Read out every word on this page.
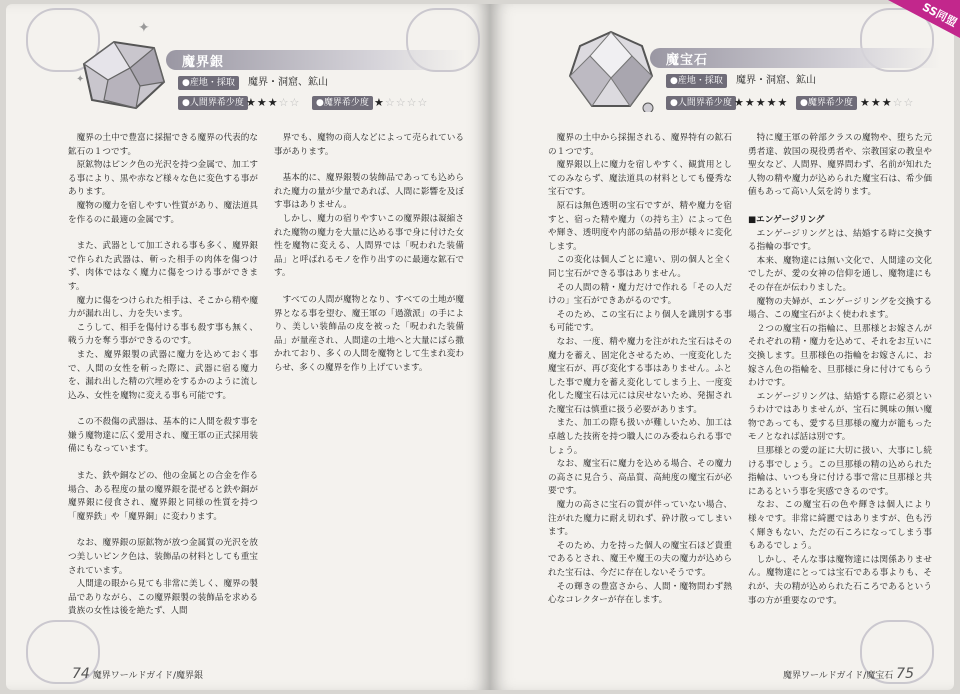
✦
✦
魔界銀
●産地・採取	魔界・洞窟、鉱山
●人間界希少度 ★★★☆☆	●魔界希少度 ★☆☆☆☆

魔界の土中で豊富に採掘できる魔界の代表的な鉱石の１つです。

原鉱物はピンク色の光沢を持つ金属で、加工する事により、黒や赤など様々な色に変色する事があります。

魔物の魔力を宿しやすい性質があり、魔法道具を作るのに最適の金属です。

また、武器として加工される事も多く、魔界銀で作られた武器は、斬った相手の肉体を傷つけず、肉体ではなく魔力に傷をつける事ができます。

魔力に傷をつけられた相手は、そこから精や魔力が漏れ出し、力を失います。

こうして、相手を傷付ける事も殺す事も無く、戦う力を奪う事ができるのです。

また、魔界銀製の武器に魔力を込めておく事で、人間の女性を斬った際に、武器に宿る魔力を、漏れ出した精の穴埋めをするかのように流し込み、女性を魔物に変える事も可能です。

この不殺傷の武器は、基本的に人間を殺す事を嫌う魔物達に広く愛用され、魔王軍の正式採用装備にもなっています。

また、鉄や銅などの、他の金属との合金を作る場合、ある程度の量の魔界銀を混ぜると鉄や銅が魔界銀に侵食され、魔界銀と同様の性質を持つ「魔界鉄」や「魔界銅」に変わります。

なお、魔界銀の原鉱物が放つ金属質の光沢を放つ美しいピンク色は、装飾品の材料としても重宝されています。

人間達の眼から見ても非常に美しく、魔界の製品でありながら、この魔界銀製の装飾品を求める貴族の女性は後を絶たず、人間

界でも、魔物の商人などによって売られている事があります。

基本的に、魔界銀製の装飾品であっても込められた魔力の量が少量であれば、人間に影響を及ぼす事はありません。

しかし、魔力の宿りやすいこの魔界銀は凝縮された魔物の魔力を大量に込める事で身に付けた女性を魔物に変える、人間界では「呪われた装備品」と呼ばれるモノを作り出すのに最適な鉱石です。

すべての人間が魔物となり、すべての土地が魔界となる事を望む、魔王軍の「過激派」の手により、美しい装飾品の皮を被った「呪われた装備品」が量産され、人間達の土地へと大量にばら撒かれており、多くの人間を魔物として生まれ変わらせ、多くの魔界を作り上げています。

74 魔界ワールドガイド/魔界銀
魔宝石
●産地・採取	魔界・洞窟、鉱山
●人間界希少度 ★★★★★	●魔界希少度 ★★★☆☆

魔界の土中から採掘される、魔界特有の鉱石の１つです。

魔界銀以上に魔力を宿しやすく、観賞用としてのみならず、魔法道具の材料としても優秀な宝石です。

原石は無色透明の宝石ですが、精や魔力を宿すと、宿った精や魔力（の持ち主）によって色や輝き、透明度や内部の結晶の形が様々に変化します。

この変化は個人ごとに違い、別の個人と全く同じ宝石ができる事はありません。

その人間の精・魔力だけで作れる「その人だけの」宝石ができあがるのです。

そのため、この宝石により個人を識別する事も可能です。

なお、一度、精や魔力を注がれた宝石はその魔力を蓄え、固定化させるため、一度変化した魔宝石が、再び変化する事はありません。ふとした事で魔力を蓄え変化してしまう上、一度変化した魔宝石は元には戻せないため、発掘された魔宝石は慎重に扱う必要があります。

また、加工の際も扱いが難しいため、加工は卓越した技術を持つ職人にのみ委ねられる事でしょう。

なお、魔宝石に魔力を込める場合、その魔力の高さに見合う、高品質、高純度の魔宝石が必要です。

魔力の高さに宝石の質が伴っていない場合、注がれた魔力に耐え切れず、砕け散ってしまいます。

そのため、力を持った個人の魔宝石ほど貴重であるとされ、魔王や魔王の夫の魔力が込められた宝石は、今だに存在しないそうです。

その輝きの豊富さから、人間・魔物問わず熱心なコレクターが存在します。

特に魔王軍の幹部クラスの魔物や、堕ちた元勇者達、敦国の現役勇者や、宗教国家の教皇や聖女など、人間界、魔界問わず、名前が知れた人物の精や魔力が込められた魔宝石は、希少価値もあって高い人気を誇ります。

■エンゲージリング

エンゲージリングとは、結婚する時に交換する指輪の事です。

本来、魔物達には無い文化で、人間達の文化でしたが、愛の女神の信仰を通し、魔物達にもその存在が伝わりました。

魔物の夫婦が、エンゲージリングを交換する場合、この魔宝石がよく使われます。

２つの魔宝石の指輪に、旦那様とお嫁さんがそれぞれの精・魔力を込めて、それをお互いに交換します。旦那様色の指輪をお嫁さんに、お嫁さん色の指輪を、旦那様に身に付けてもらうわけです。

エンゲージリングは、結婚する際に必須というわけではありませんが、宝石に興味の無い魔物であっても、愛する旦那様の魔力が籠もったモノとなれば話は別です。

旦那様との愛の証に大切に扱い、大事にし続ける事でしょう。この旦那様の精の込められた指輪は、いつも身に付ける事で常に旦那様と共にあるという事を実感できるのです。

なお、この魔宝石の色や輝きは個人により様々です。非常に綺麗ではありますが、色も汚く輝きもない、ただの石ころになってしまう事もあるでしょう。

しかし、そんな事は魔物達には関係ありません。魔物達にとっては宝石である事よりも、それが、夫の精が込められた石ころであるという事の方が重要なのです。

魔界ワールドガイド/魔宝石 75
SS同盟
